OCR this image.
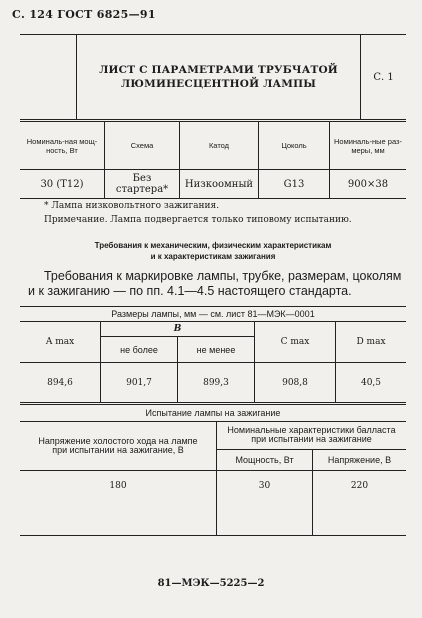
С. 124 ГОСТ 6825—91

ЛИСТ С ПАРАМЕТРАМИ ТРУБЧАТОЙ
ЛЮМИНЕСЦЕНТНОЙ ЛАМПЫ
	С. 1
Номиналь-ная мощ-ность, Вт	Схема	Катод	Цоколь	Номиналь-ные раз-меры, мм
30 (Т12)	Без стартера*	Низкоомный	G13	900×38
* Лампа низковольтного зажигания.
Примечание. Лампа подвергается только типовому испытанию.
Требования к механическим, физическим характеристикам
и к характеристикам зажигания
Требования к маркировке лампы, трубке, размерам, цоколям
и к зажиганию — по пп. 4.1—4.5 настоящего стандарта.
Размеры лампы, мм — см. лист 81—МЭК—0001				
A max	B		C max	D max
	не более	не менее		
894,6	901,7	899,3	908,8	40,5
Испытание лампы на зажигание		
Напряжение холостого хода на лампе при испытании на зажигание, В	Номинальные характеристики балласта при испытании на зажигание	
	Мощность, Вт	Напряжение, В
180	30	220
81—МЭК—5225—2
